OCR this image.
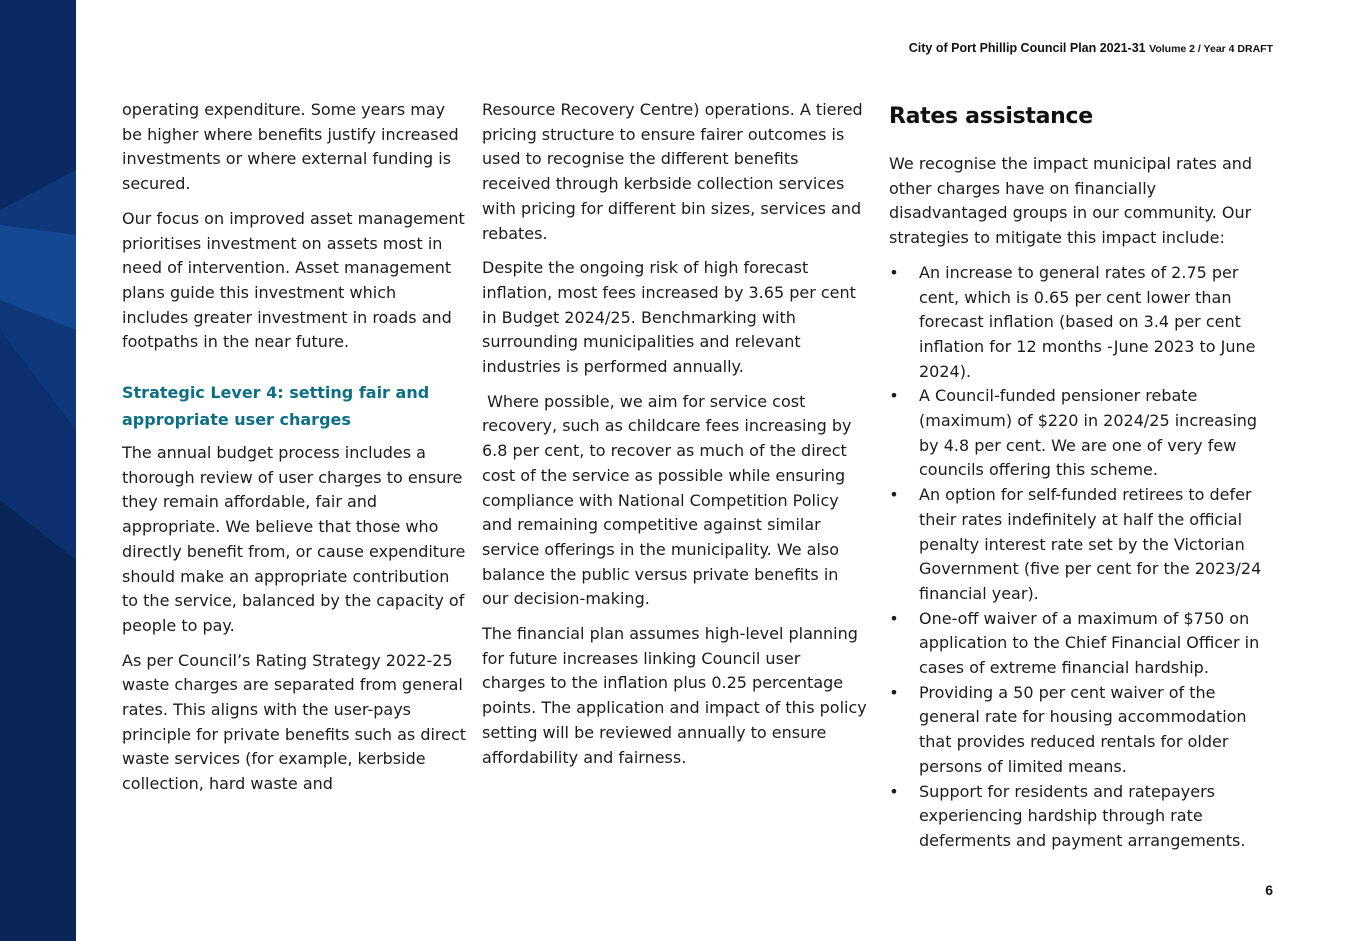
City of Port Phillip Council Plan 2021-31 Volume 2 / Year 4 DRAFT

operating expenditure. Some years may be higher where benefits justify increased investments or where external funding is secured.

Our focus on improved asset management prioritises investment on assets most in need of intervention. Asset management plans guide this investment which includes greater investment in roads and footpaths in the near future.

Strategic Lever 4: setting fair and appropriate user charges

The annual budget process includes a thorough review of user charges to ensure they remain affordable, fair and appropriate. We believe that those who directly benefit from, or cause expenditure should make an appropriate contribution to the service, balanced by the capacity of people to pay.

As per Council’s Rating Strategy 2022-25 waste charges are separated from general rates. This aligns with the user-pays principle for private benefits such as direct waste services (for example, kerbside collection, hard waste and

Resource Recovery Centre) operations. A tiered pricing structure to ensure fairer outcomes is used to recognise the different benefits received through kerbside collection services with pricing for different bin sizes, services and rebates.

Despite the ongoing risk of high forecast inflation, most fees increased by 3.65 per cent in Budget 2024/25. Benchmarking with surrounding municipalities and relevant industries is performed annually.

Where possible, we aim for service cost recovery, such as childcare fees increasing by 6.8 per cent, to recover as much of the direct cost of the service as possible while ensuring compliance with National Competition Policy and remaining competitive against similar service offerings in the municipality. We also balance the public versus private benefits in our decision-making.

The financial plan assumes high-level planning for future increases linking Council user charges to the inflation plus 0.25 percentage points. The application and impact of this policy setting will be reviewed annually to ensure affordability and fairness.

Rates assistance

We recognise the impact municipal rates and other charges have on financially disadvantaged groups in our community. Our strategies to mitigate this impact include:

• An increase to general rates of 2.75 per cent, which is 0.65 per cent lower than forecast inflation (based on 3.4 per cent inflation for 12 months -June 2023 to June 2024).
• A Council-funded pensioner rebate (maximum) of $220 in 2024/25 increasing by 4.8 per cent. We are one of very few councils offering this scheme.
• An option for self-funded retirees to defer their rates indefinitely at half the official penalty interest rate set by the Victorian Government (five per cent for the 2023/24 financial year).
• One-off waiver of a maximum of $750 on application to the Chief Financial Officer in cases of extreme financial hardship.
• Providing a 50 per cent waiver of the general rate for housing accommodation that provides reduced rentals for older persons of limited means.
• Support for residents and ratepayers experiencing hardship through rate deferments and payment arrangements.
6
